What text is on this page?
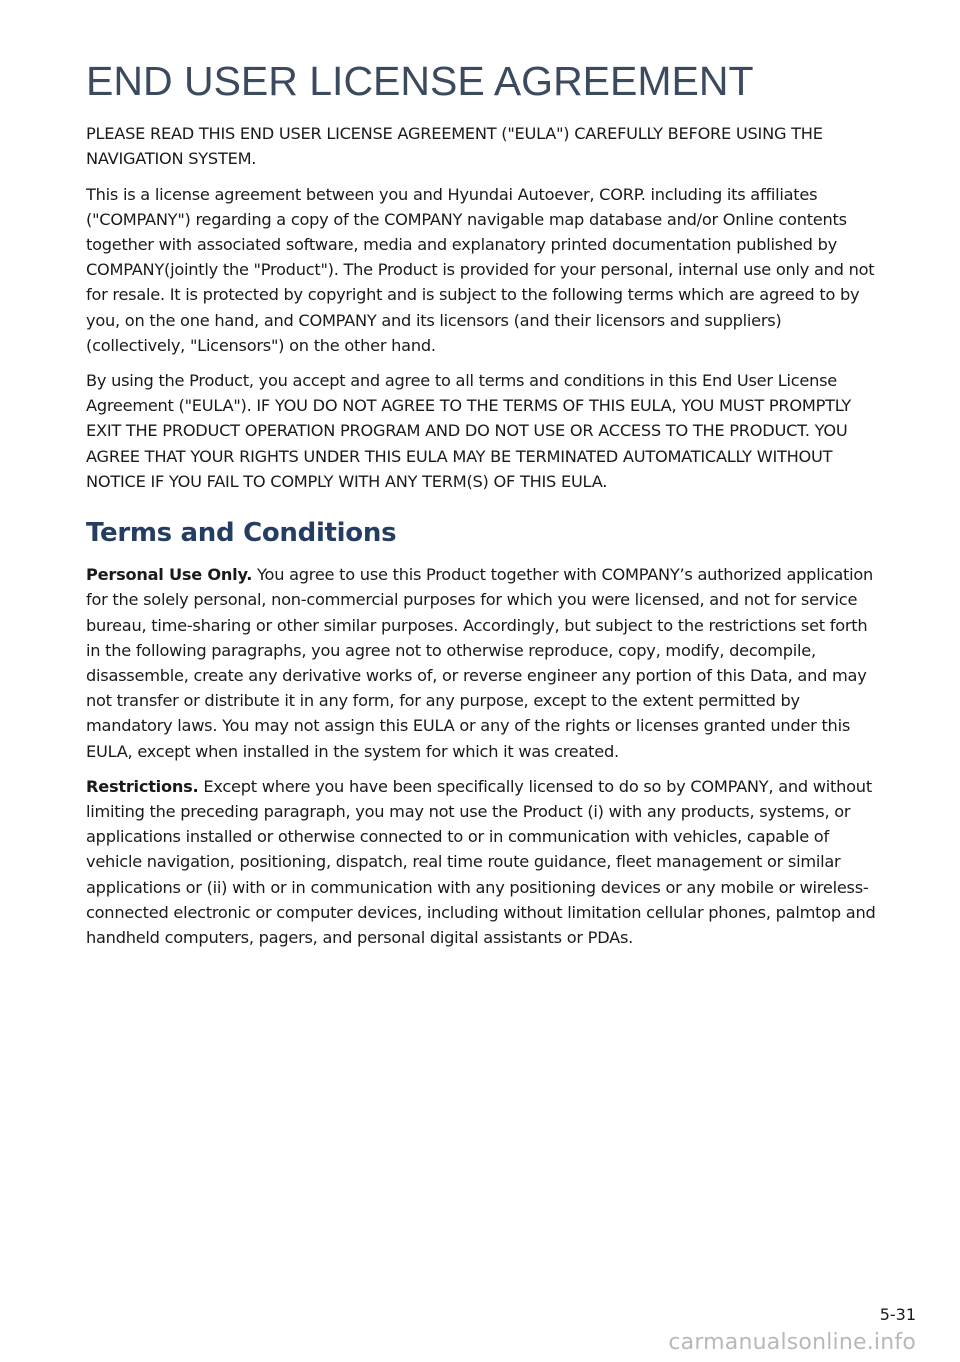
END USER LICENSE AGREEMENT

PLEASE READ THIS END USER LICENSE AGREEMENT ("EULA") CAREFULLY BEFORE USING THE NAVIGATION SYSTEM.

This is a license agreement between you and Hyundai Autoever, CORP. including its affiliates ("COMPANY") regarding a copy of the COMPANY navigable map database and/or Online contents together with associated software, media and explanatory printed documentation published by COMPANY(jointly the "Product"). The Product is provided for your personal, internal use only and not for resale. It is protected by copyright and is subject to the following terms which are agreed to by you, on the one hand, and COMPANY and its licensors (and their licensors and suppliers) (collectively, "Licensors") on the other hand.

By using the Product, you accept and agree to all terms and conditions in this End User License Agreement ("EULA"). IF YOU DO NOT AGREE TO THE TERMS OF THIS EULA, YOU MUST PROMPTLY EXIT THE PRODUCT OPERATION PROGRAM AND DO NOT USE OR ACCESS TO THE PRODUCT. YOU AGREE THAT YOUR RIGHTS UNDER THIS EULA MAY BE TERMINATED AUTOMATICALLY WITHOUT NOTICE IF YOU FAIL TO COMPLY WITH ANY TERM(S) OF THIS EULA.

Terms and Conditions

Personal Use Only. You agree to use this Product together with COMPANY’s authorized application for the solely personal, non-commercial purposes for which you were licensed, and not for service bureau, time-sharing or other similar purposes. Accordingly, but subject to the restrictions set forth in the following paragraphs, you agree not to otherwise reproduce, copy, modify, decompile, disassemble, create any derivative works of, or reverse engineer any portion of this Data, and may not transfer or distribute it in any form, for any purpose, except to the extent permitted by mandatory laws. You may not assign this EULA or any of the rights or licenses granted under this EULA, except when installed in the system for which it was created.

Restrictions. Except where you have been specifically licensed to do so by COMPANY, and without limiting the preceding paragraph, you may not use the Product (i) with any products, systems, or applications installed or otherwise connected to or in communication with vehicles, capable of vehicle navigation, positioning, dispatch, real time route guidance, fleet management or similar applications or (ii) with or in communication with any positioning devices or any mobile or wireless-connected electronic or computer devices, including without limitation cellular phones, palmtop and handheld computers, pagers, and personal digital assistants or PDAs.

5-31
carmanualsonline.info
